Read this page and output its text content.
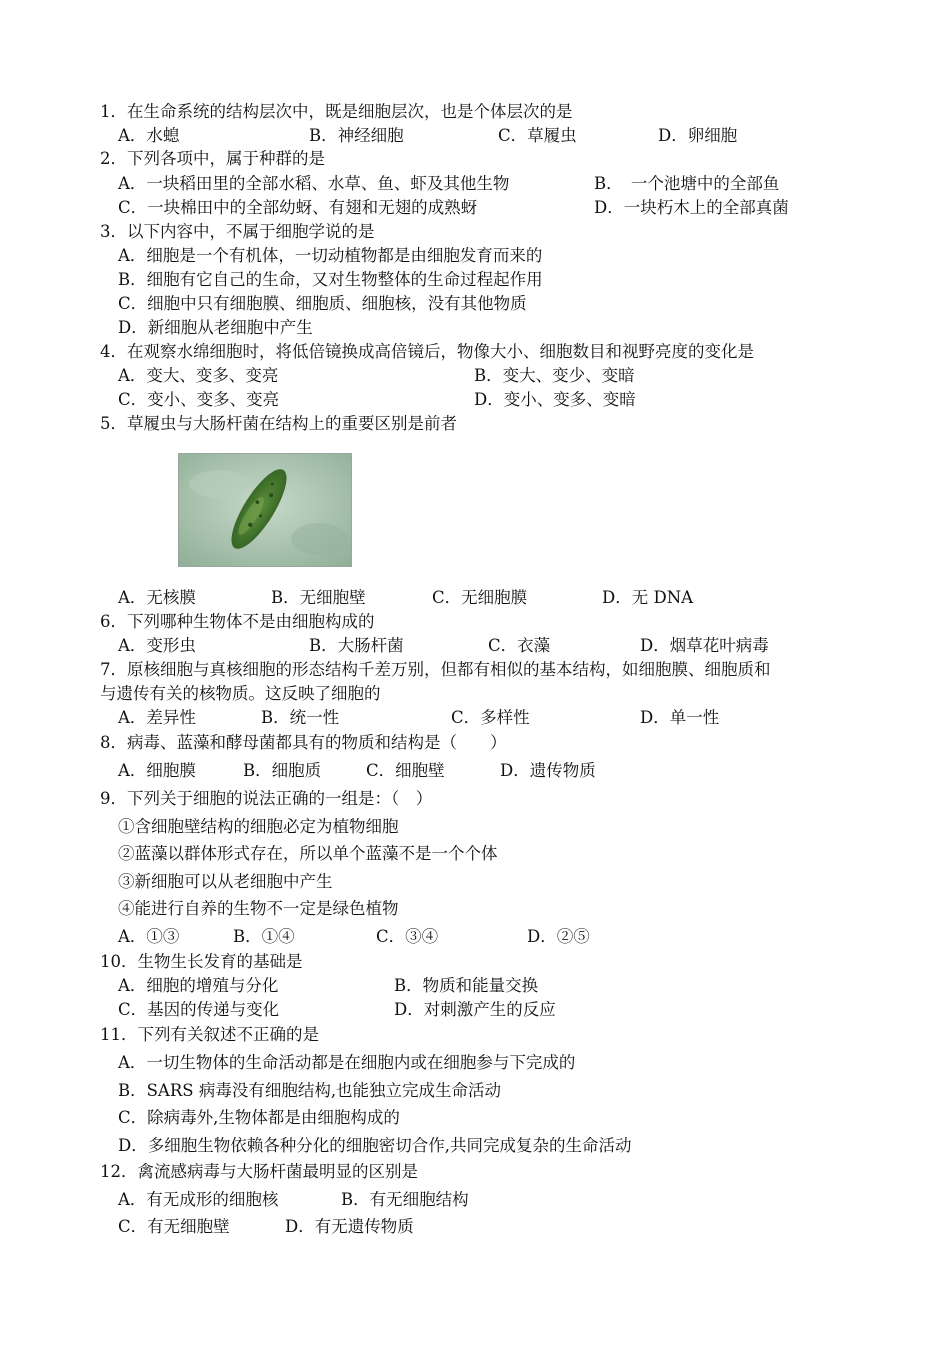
1．在生命系统的结构层次中，既是细胞层次，也是个体层次的是
A．水螅	B．神经细胞	C．草履虫	D．卵细胞
2．下列各项中，属于种群的是
A．一块稻田里的全部水稻、水草、鱼、虾及其他生物	B．　一个池塘中的全部鱼
C．一块棉田中的全部幼蚜、有翅和无翅的成熟蚜	D．一块朽木上的全部真菌
3．以下内容中，不属于细胞学说的是
A．细胞是一个有机体，一切动植物都是由细胞发育而来的
B．细胞有它自己的生命，又对生物整体的生命过程起作用
C．细胞中只有细胞膜、细胞质、细胞核，没有其他物质
D．新细胞从老细胞中产生
4．在观察水绵细胞时，将低倍镜换成高倍镜后，物像大小、细胞数目和视野亮度的变化是
A．变大、变多、变亮	B．变大、变少、变暗
C．变小、变多、变亮	D．变小、变多、变暗
5．草履虫与大肠杆菌在结构上的重要区别是前者
A．无核膜	B．无细胞壁	C．无细胞膜	D．无 DNA
6．下列哪种生物体不是由细胞构成的
A．变形虫	B．大肠杆菌	C．衣藻	D．烟草花叶病毒
7．原核细胞与真核细胞的形态结构千差万别，但都有相似的基本结构，如细胞膜、细胞质和
与遗传有关的核物质。这反映了细胞的
A．差异性	B．统一性	C．多样性	D．单一性
8．病毒、蓝藻和酵母菌都具有的物质和结构是（　　）
A．细胞膜	B．细胞质	C．细胞壁	D．遗传物质
9．下列关于细胞的说法正确的一组是：（　）
①含细胞壁结构的细胞必定为植物细胞
②蓝藻以群体形式存在，所以单个蓝藻不是一个个体
③新细胞可以从老细胞中产生
④能进行自养的生物不一定是绿色植物
A．①③	B．①④	C．③④	D．②⑤
10．生物生长发育的基础是
A．细胞的增殖与分化	B．物质和能量交换
C．基因的传递与变化	D．对刺激产生的反应
11．下列有关叙述不正确的是
A．一切生物体的生命活动都是在细胞内或在细胞参与下完成的
B．SARS 病毒没有细胞结构,也能独立完成生命活动
C．除病毒外,生物体都是由细胞构成的
D．多细胞生物依赖各种分化的细胞密切合作,共同完成复杂的生命活动
12．禽流感病毒与大肠杆菌最明显的区别是
A．有无成形的细胞核	B．有无细胞结构
C．有无细胞壁	D．有无遗传物质
